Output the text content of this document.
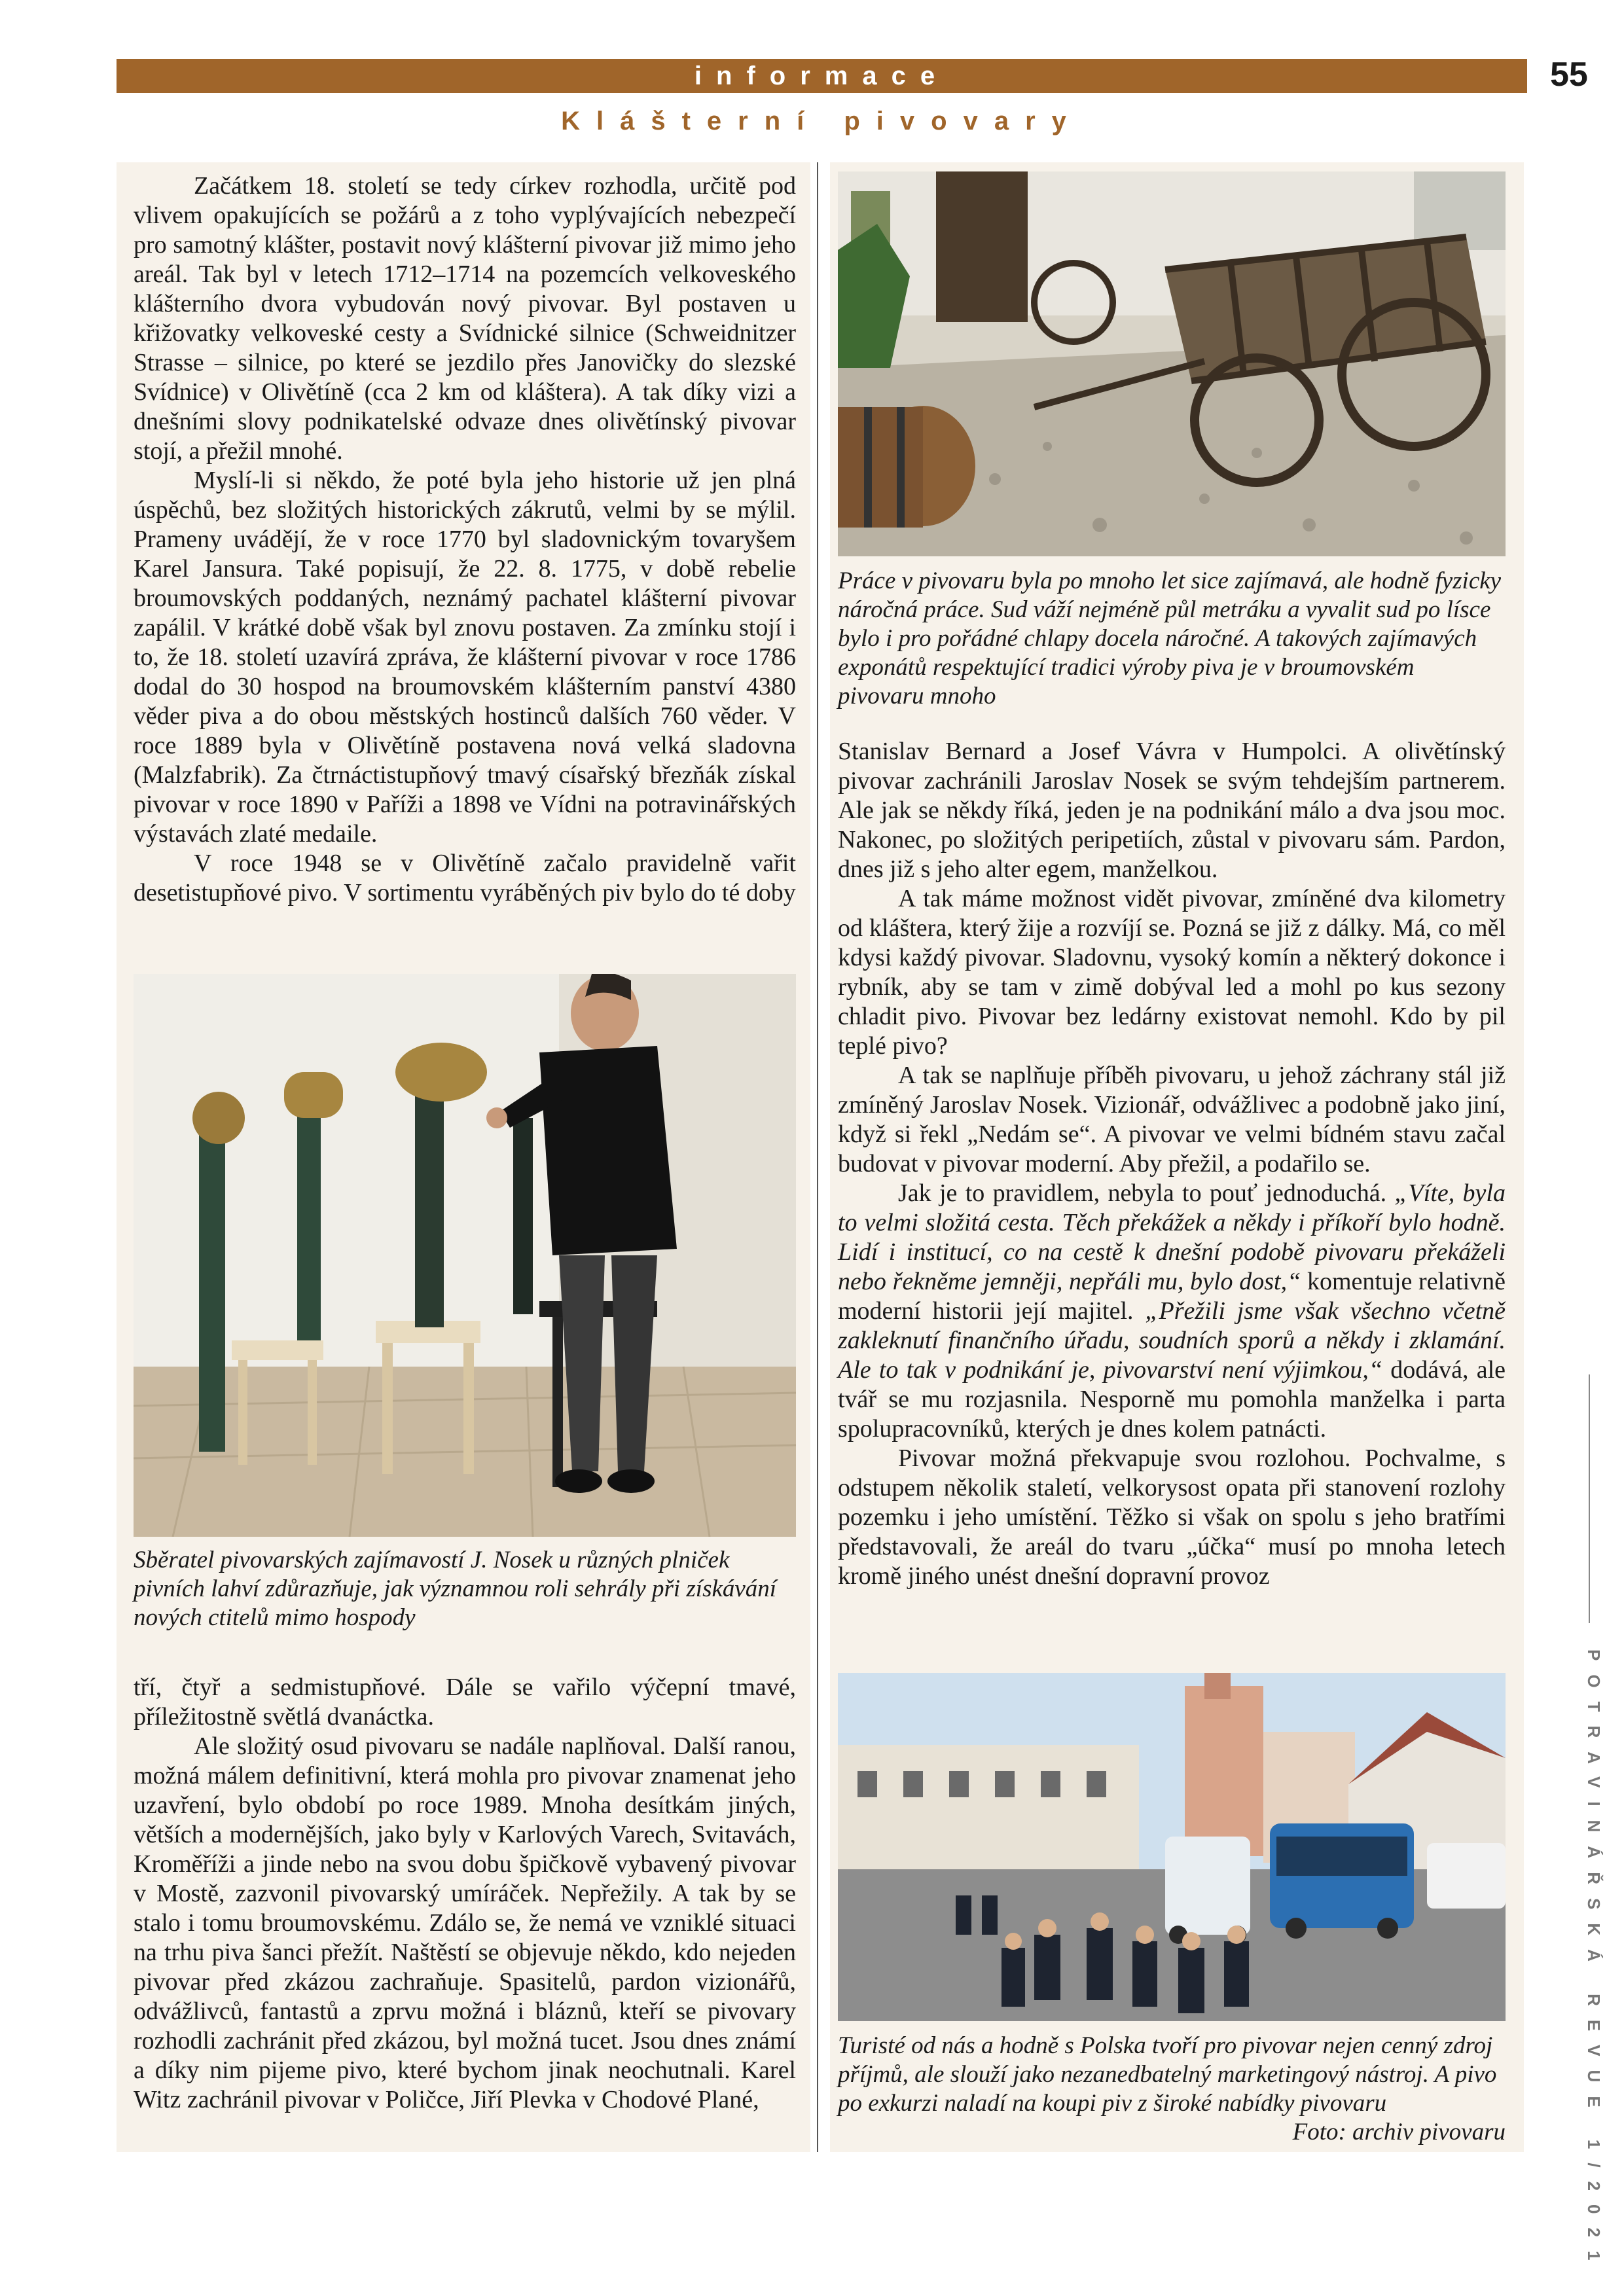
informace	55
Klášterní pivovary

Začátkem 18. století se tedy církev rozhodla, určitě pod vlivem opakujících se požárů a z toho vyplývajících nebezpečí pro samotný klášter, postavit nový klášterní pivovar již mimo jeho areál. Tak byl v letech 1712–1714 na pozemcích velkoveského klášterního dvora vybudován nový pivovar. Byl postaven u křižovatky velkoveské cesty a Svídnické silnice (Schweidnitzer Strasse – silnice, po které se jezdilo přes Janovičky do slezské Svídnice) v Olivětíně (cca 2 km od kláštera). A tak díky vizi a dnešními slovy podnikatelské odvaze dnes olivětínský pivovar stojí, a přežil mnohé.

Myslí-li si někdo, že poté byla jeho historie už jen plná úspěchů, bez složitých historických zákrutů, velmi by se mýlil. Prameny uvádějí, že v roce 1770 byl sladovnickým tovaryšem Karel Jansura. Také popisují, že 22. 8. 1775, v době rebelie broumovských poddaných, neznámý pachatel klášterní pivovar zapálil. V krátké době však byl znovu postaven. Za zmínku stojí i to, že 18. století uzavírá zpráva, že klášterní pivovar v roce 1786 dodal do 30 hospod na broumovském klášterním panství 4380 věder piva a do obou městských hostinců dalších 760 věder. V roce 1889 byla v Olivětíně postavena nová velká sladovna (Malzfabrik). Za čtrnáctistupňový tmavý císařský březňák získal pivovar v roce 1890 v Paříži a 1898 ve Vídni na potravinářských výstavách zlaté medaile.

V roce 1948 se v Olivětíně začalo pravidelně vařit desetistupňové pivo. V sortimentu vyráběných piv bylo do té doby

Sběratel pivovarských zajímavostí J. Nosek u různých plniček pivních lahví zdůrazňuje, jak významnou roli sehrály při získávání nových ctitelů mimo hospody

tří, čtyř a sedmistupňové. Dále se vařilo výčepní tmavé, příležitostně světlá dvanáctka.

Ale složitý osud pivovaru se nadále naplňoval. Další ranou, možná málem definitivní, která mohla pro pivovar znamenat jeho uzavření, bylo období po roce 1989. Mnoha desítkám jiných, větších a modernějších, jako byly v Karlových Varech, Svitavách, Kroměříži a jinde nebo na svou dobu špičkově vybavený pivovar v Mostě, zazvonil pivovarský umíráček. Nepřežily. A tak by se stalo i tomu broumovskému. Zdálo se, že nemá ve vzniklé situaci na trhu piva šanci přežít. Naštěstí se objevuje někdo, kdo nejeden pivovar před zkázou zachraňuje. Spasitelů, pardon vizionářů, odvážlivců, fantastů a zprvu možná i bláznů, kteří se pivovary rozhodli zachránit před zkázou, byl možná tucet. Jsou dnes známí a díky nim pijeme pivo, které bychom jinak neochutnali. Karel Witz zachránil pivovar v Poličce, Jiří Plevka v Chodové Plané,

Práce v pivovaru byla po mnoho let sice zajímavá, ale hodně fyzicky náročná práce. Sud váží nejméně půl metráku a vyvalit sud po lísce bylo i pro pořádné chlapy docela náročné. A takových zajímavých exponátů respektující tradici výroby piva je v broumovském pivovaru mnoho

Stanislav Bernard a Josef Vávra v Humpolci. A olivětínský pivovar zachránili Jaroslav Nosek se svým tehdejším partnerem. Ale jak se někdy říká, jeden je na podnikání málo a dva jsou moc. Nakonec, po složitých peripetiích, zůstal v pivovaru sám. Pardon, dnes již s jeho alter egem, manželkou.

A tak máme možnost vidět pivovar, zmíněné dva kilometry od kláštera, který žije a rozvíjí se. Pozná se již z dálky. Má, co měl kdysi každý pivovar. Sladovnu, vysoký komín a některý dokonce i rybník, aby se tam v zimě dobýval led a mohl po kus sezony chladit pivo. Pivovar bez ledárny existovat nemohl. Kdo by pil teplé pivo?

A tak se naplňuje příběh pivovaru, u jehož záchrany stál již zmíněný Jaroslav Nosek. Vizionář, odvážlivec a podobně jako jiní, když si řekl „Nedám se“. A pivovar ve velmi bídném stavu začal budovat v pivovar moderní. Aby přežil, a podařilo se.

Jak je to pravidlem, nebyla to pouť jednoduchá. „Víte, byla to velmi složitá cesta. Těch překážek a někdy i příkoří bylo hodně. Lidí i institucí, co na cestě k dnešní podobě pivovaru překáželi nebo řekněme jemněji, nepřáli mu, bylo dost,“ komentuje relativně moderní historii její majitel. „Přežili jsme však všechno včetně zakleknutí finančního úřadu, soudních sporů a někdy i zklamání. Ale to tak v podnikání je, pivovarství není výjimkou,“ dodává, ale tvář se mu rozjasnila. Nesporně mu pomohla manželka i parta spolupracovníků, kterých je dnes kolem patnácti.

Pivovar možná překvapuje svou rozlohou. Pochvalme, s odstupem několik staletí, velkorysost opata při stanovení rozlohy pozemku i jeho umístění. Těžko si však on spolu s jeho bratřími představovali, že areál do tvaru „účka“ musí po mnoha letech kromě jiného unést dnešní dopravní provoz

Turisté od nás a hodně s Polska tvoří pro pivovar nejen cenný zdroj příjmů, ale slouží jako nezanedbatelný marketingový nástroj. A pivo po exkurzi naladí na koupi piv z široké nabídky pivovaru
Foto: archiv pivovaru	POTRAVINÁŘSKÁ REVUE 1/2021
